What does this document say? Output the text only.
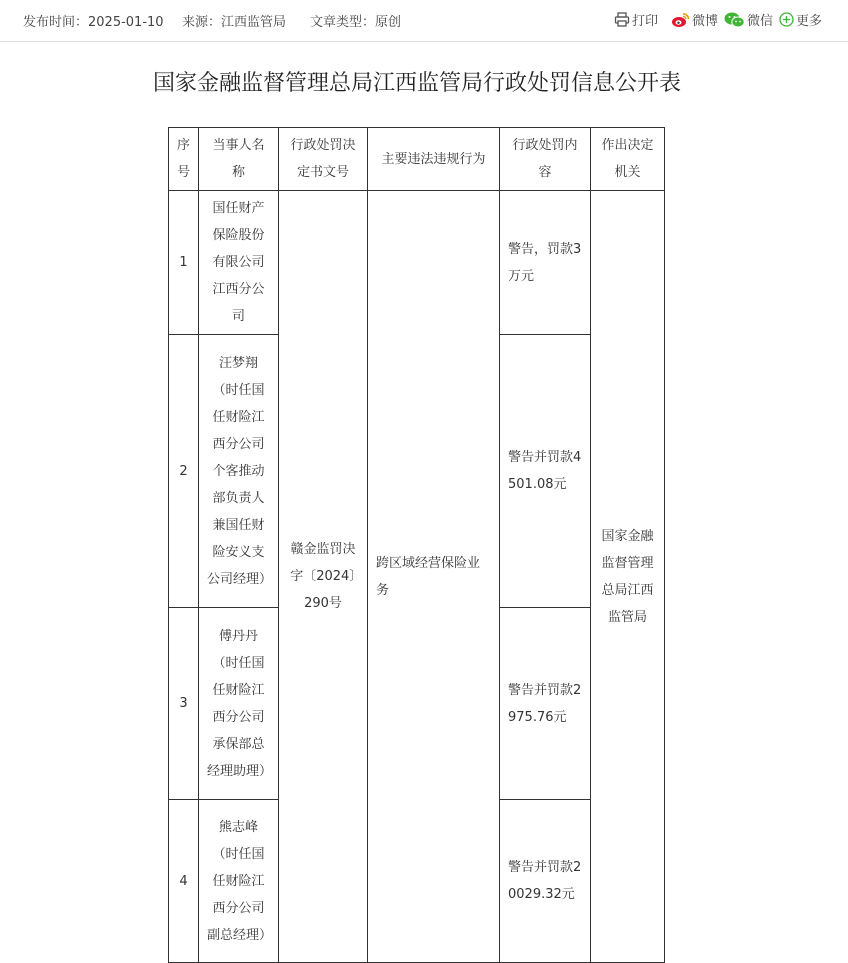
发布时间：2025-01-10 来源：江西监管局 文章类型：原创	打印	微博 微信 更多
国家金融监督管理总局江西监管局行政处罚信息公开表
序号	当事人名称	行政处罚决定书文号	主要违法违规行为	行政处罚内容	作出决定机关
1	国任财产保险股份有限公司江西分公司	赣金监罚决字〔2024〕290号	跨区域经营保险业务	警告，罚款3万元	国家金融监督管理总局江西监管局
2	汪梦翔（时任国任财险江西分公司个客推动部负责人兼国任财险安义支公司经理）			警告并罚款4501.08元	
3	傅丹丹（时任国任财险江西分公司承保部总经理助理）			警告并罚款2975.76元	
4	熊志峰（时任国任财险江西分公司副总经理）			警告并罚款20029.32元	
